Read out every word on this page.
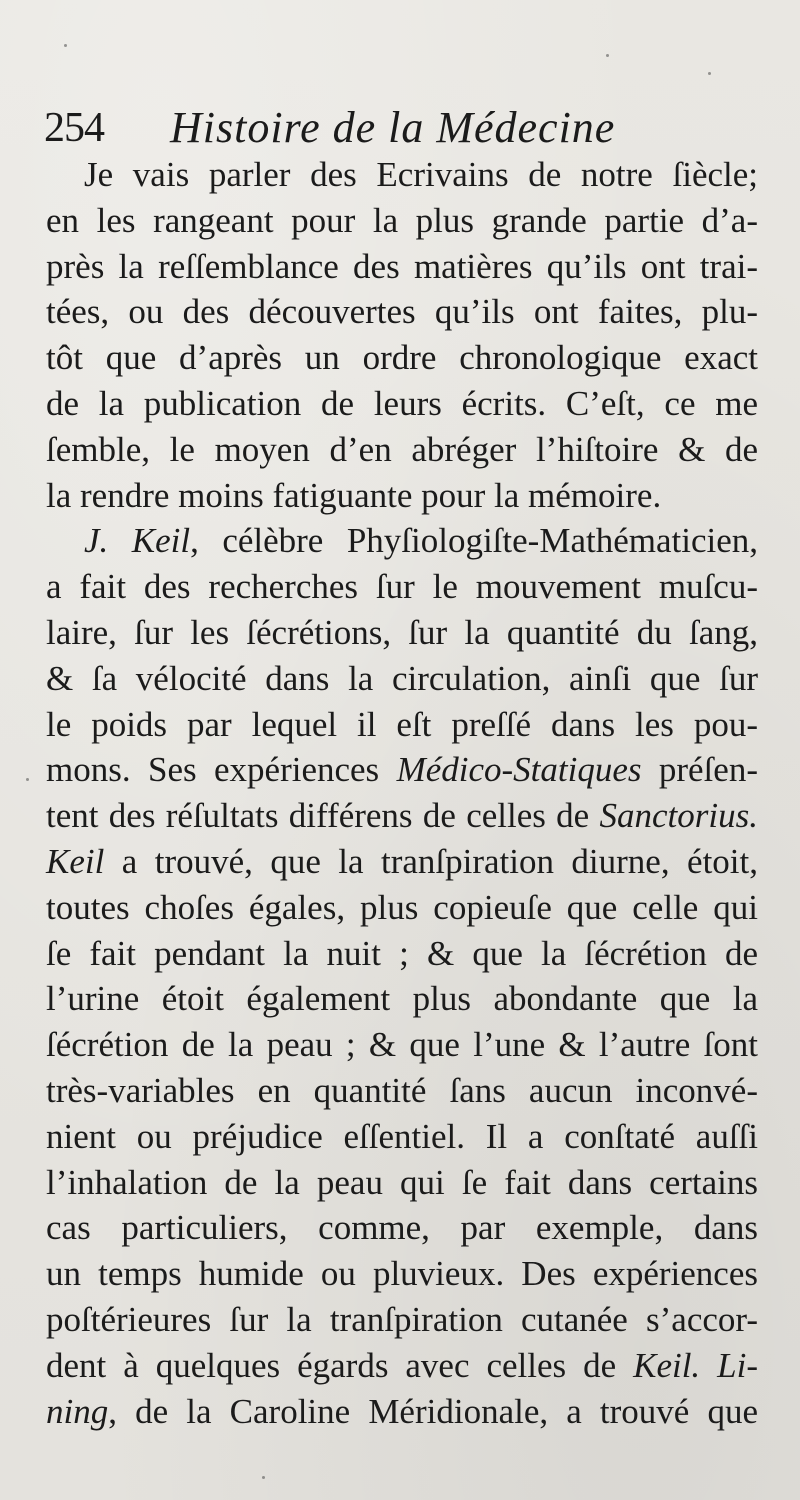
254 Histoire de la Médecine
Je vais parler des Ecrivains de notre ſiècle;
en les rangeant pour la plus grande partie d’a-
près la reſſemblance des matières qu’ils ont trai-
tées, ou des découvertes qu’ils ont faites, plu-
tôt que d’après un ordre chronologique exact
de la publication de leurs écrits. C’eſt, ce me
ſemble, le moyen d’en abréger l’hiſtoire & de
la rendre moins fatiguante pour la mémoire.
J. Keil, célèbre Phyſiologiſte-Mathématicien,
a fait des recherches ſur le mouvement muſcu-
laire, ſur les ſécrétions, ſur la quantité du ſang,
& ſa vélocité dans la circulation, ainſi que ſur
le poids par lequel il eſt preſſé dans les pou-
mons. Ses expériences Médico-Statiques préſen-
tent des réſultats différens de celles de Sanctorius.
Keil a trouvé, que la tranſpiration diurne, étoit,
toutes choſes égales, plus copieuſe que celle qui
ſe fait pendant la nuit ; & que la ſécrétion de
l’urine étoit également plus abondante que la
ſécrétion de la peau ; & que l’une & l’autre ſont
très-variables en quantité ſans aucun inconvé-
nient ou préjudice eſſentiel. Il a conſtaté auſſi
l’inhalation de la peau qui ſe fait dans certains
cas particuliers, comme, par exemple, dans
un temps humide ou pluvieux. Des expériences
poſtérieures ſur la tranſpiration cutanée s’accor-
dent à quelques égards avec celles de Keil. Li-
ning, de la Caroline Méridionale, a trouvé que
